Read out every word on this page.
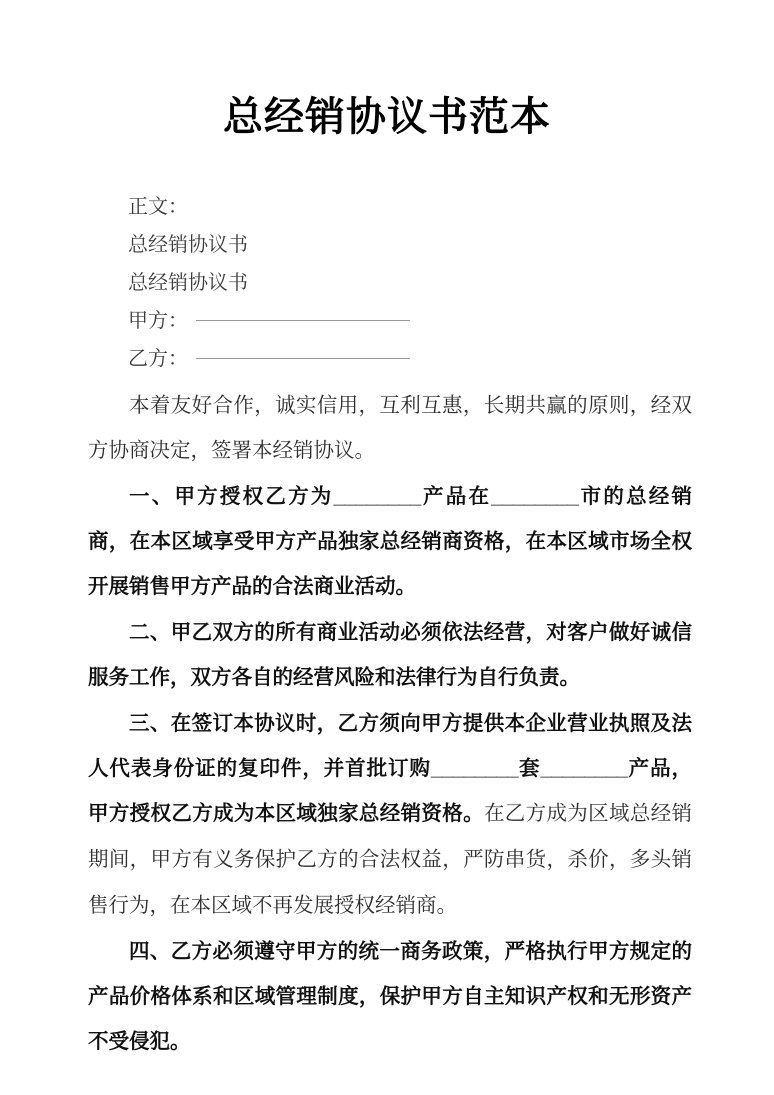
总经销协议书范本
正文：
总经销协议书
总经销协议书
甲方：
乙方：

本着友好合作，诚实信用，互利互惠，长期共赢的原则，经双方协商决定，签署本经销协议。

一、甲方授权乙方为________产品在________市的总经销商，在本区域享受甲方产品独家总经销商资格，在本区域市场全权开展销售甲方产品的合法商业活动。

二、甲乙双方的所有商业活动必须依法经营，对客户做好诚信服务工作，双方各自的经营风险和法律行为自行负责。

三、在签订本协议时，乙方须向甲方提供本企业营业执照及法人代表身份证的复印件，并首批订购________套________产品，甲方授权乙方成为本区域独家总经销资格。在乙方成为区域总经销期间，甲方有义务保护乙方的合法权益，严防串货，杀价，多头销售行为，在本区域不再发展授权经销商。

四、乙方必须遵守甲方的统一商务政策，严格执行甲方规定的产品价格体系和区域管理制度，保护甲方自主知识产权和无形资产不受侵犯。
